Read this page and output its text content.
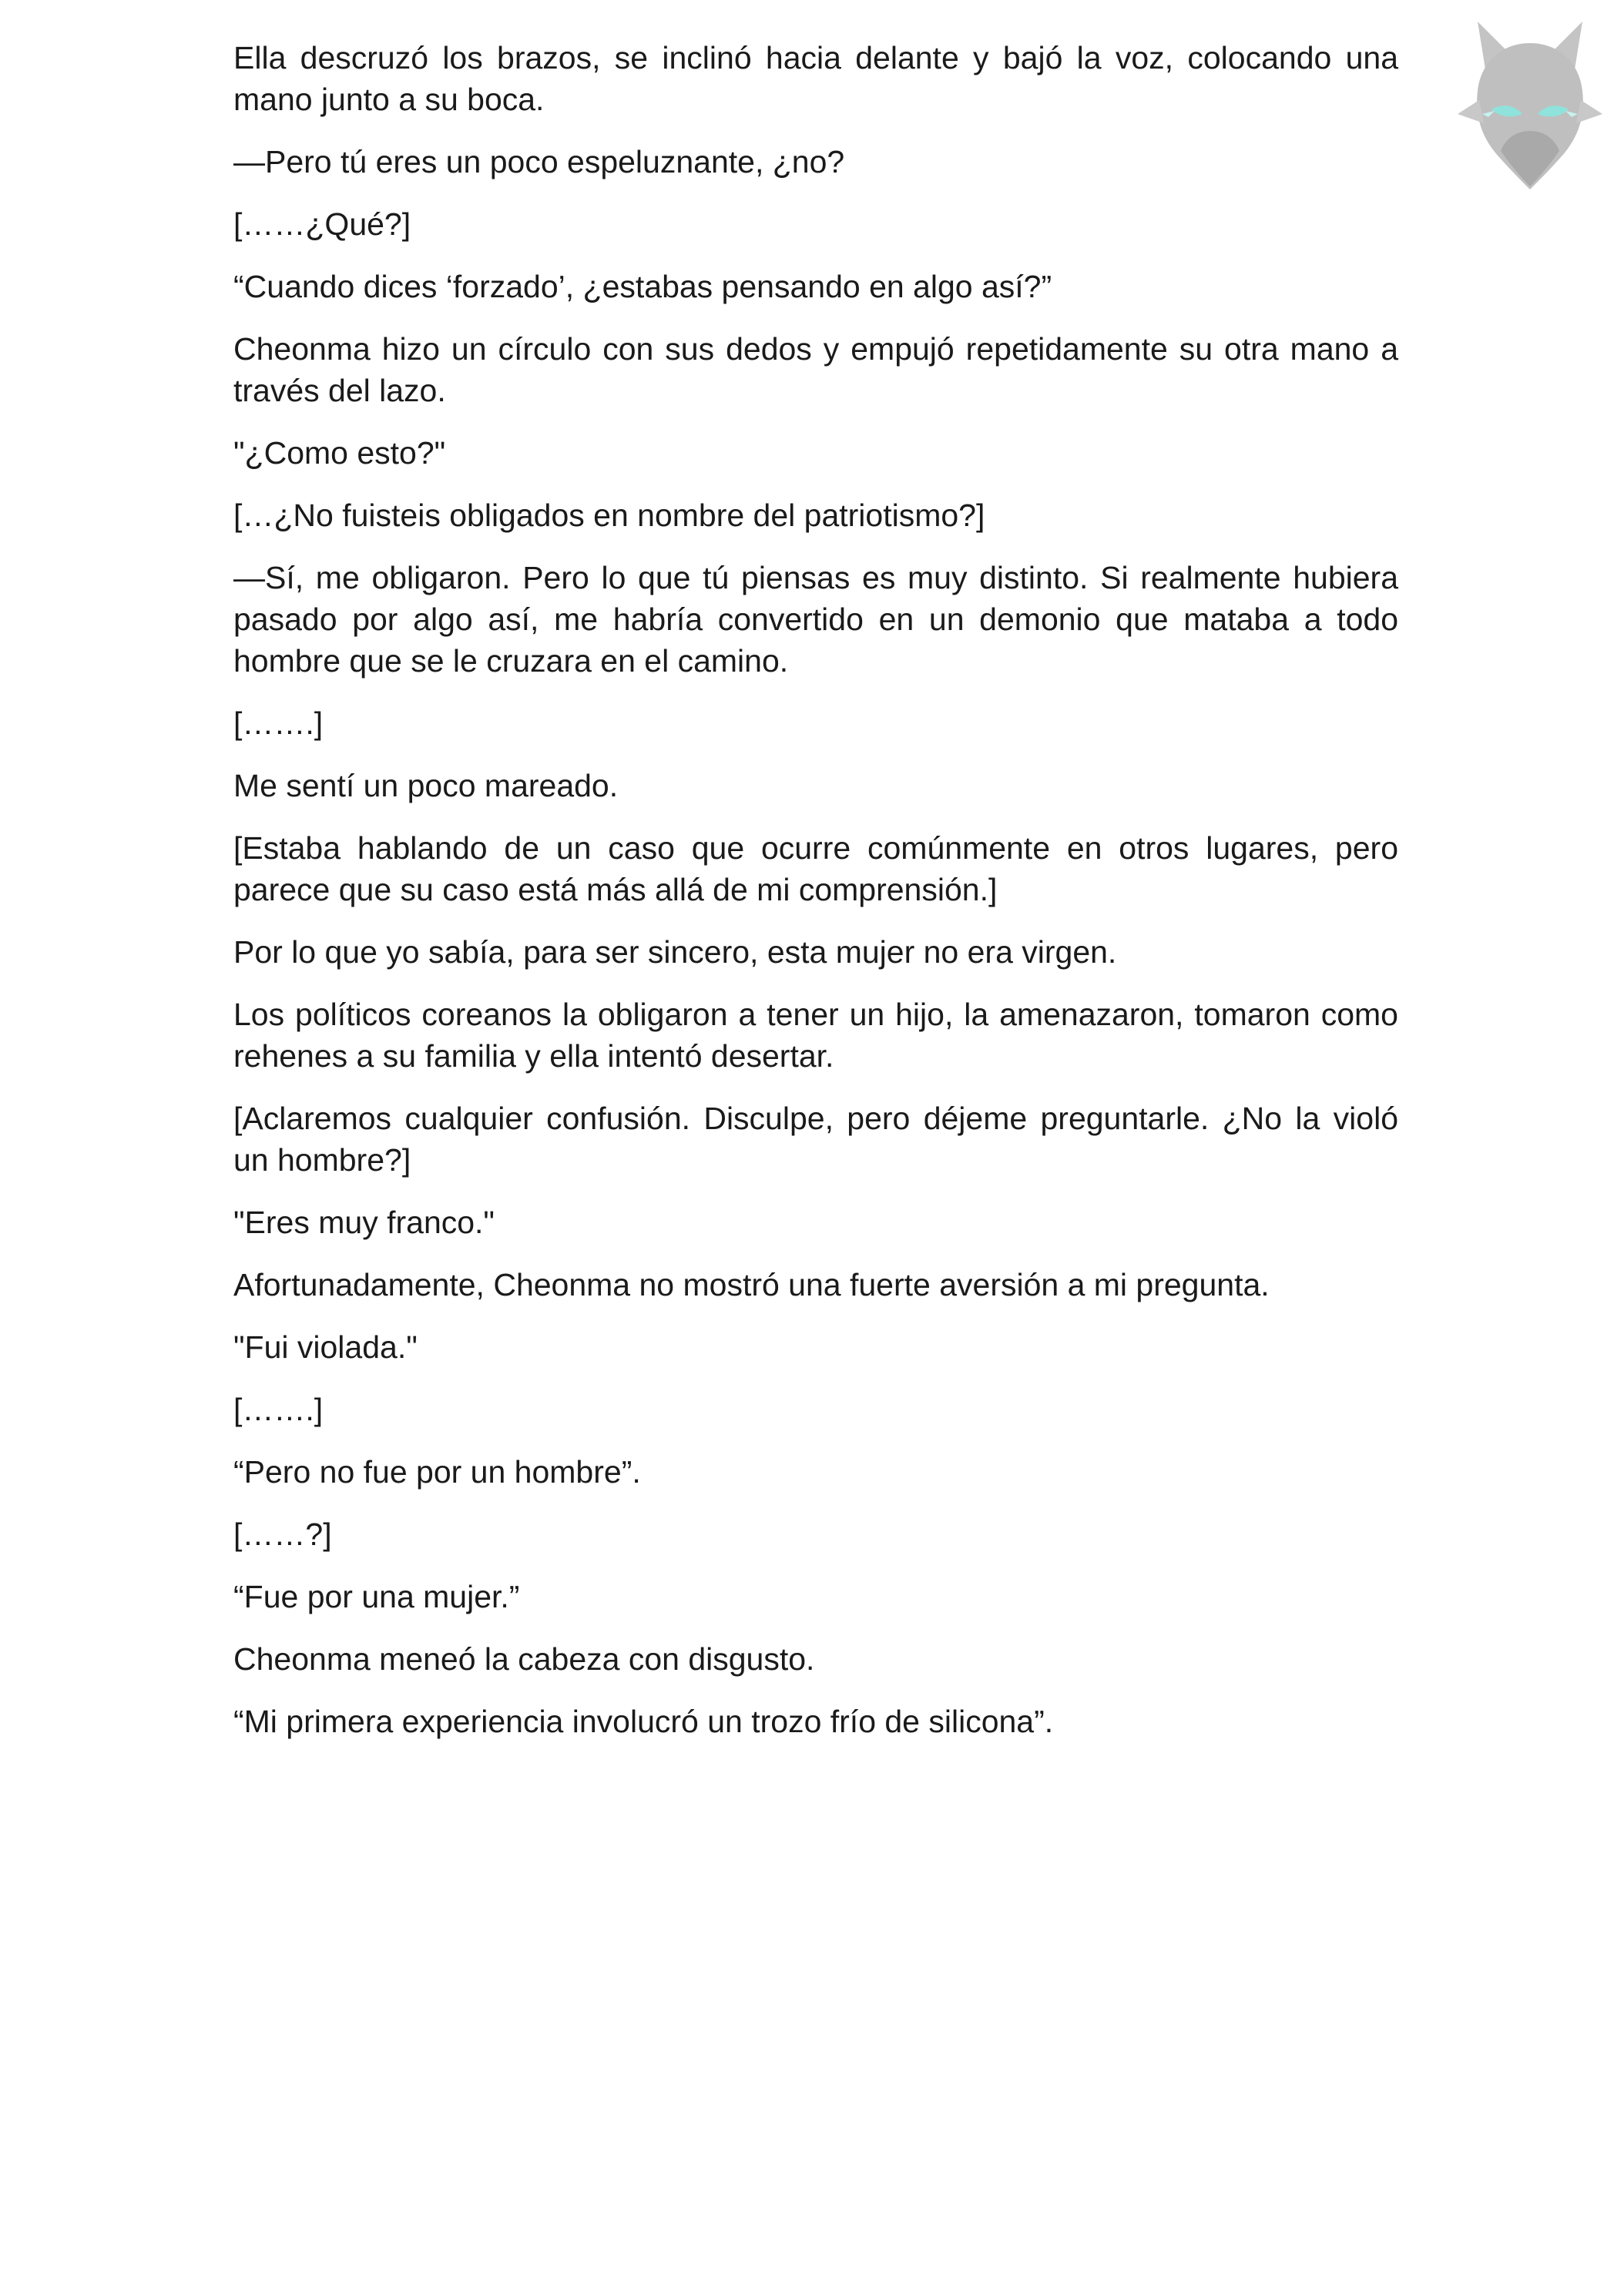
Ella descruzó los brazos, se inclinó hacia delante y bajó la voz, colocando una mano junto a su boca.

—Pero tú eres un poco espeluznante, ¿no?

[……¿Qué?]

“Cuando dices ‘forzado’, ¿estabas pensando en algo así?”

Cheonma hizo un círculo con sus dedos y empujó repetidamente su otra mano a través del lazo.

"¿Como esto?"

[…¿No fuisteis obligados en nombre del patriotismo?]

—Sí, me obligaron. Pero lo que tú piensas es muy distinto. Si realmente hubiera pasado por algo así, me habría convertido en un demonio que mataba a todo hombre que se le cruzara en el camino.

[…….]

Me sentí un poco mareado.

[Estaba hablando de un caso que ocurre comúnmente en otros lugares, pero parece que su caso está más allá de mi comprensión.]

Por lo que yo sabía, para ser sincero, esta mujer no era virgen.

Los políticos coreanos la obligaron a tener un hijo, la amenazaron, tomaron como rehenes a su familia y ella intentó desertar.

[Aclaremos cualquier confusión. Disculpe, pero déjeme preguntarle. ¿No la violó un hombre?]

"Eres muy franco."

Afortunadamente, Cheonma no mostró una fuerte aversión a mi pregunta.

"Fui violada."

[…….]

“Pero no fue por un hombre”.

[……?]

“Fue por una mujer.”

Cheonma meneó la cabeza con disgusto.

“Mi primera experiencia involucró un trozo frío de silicona”.
